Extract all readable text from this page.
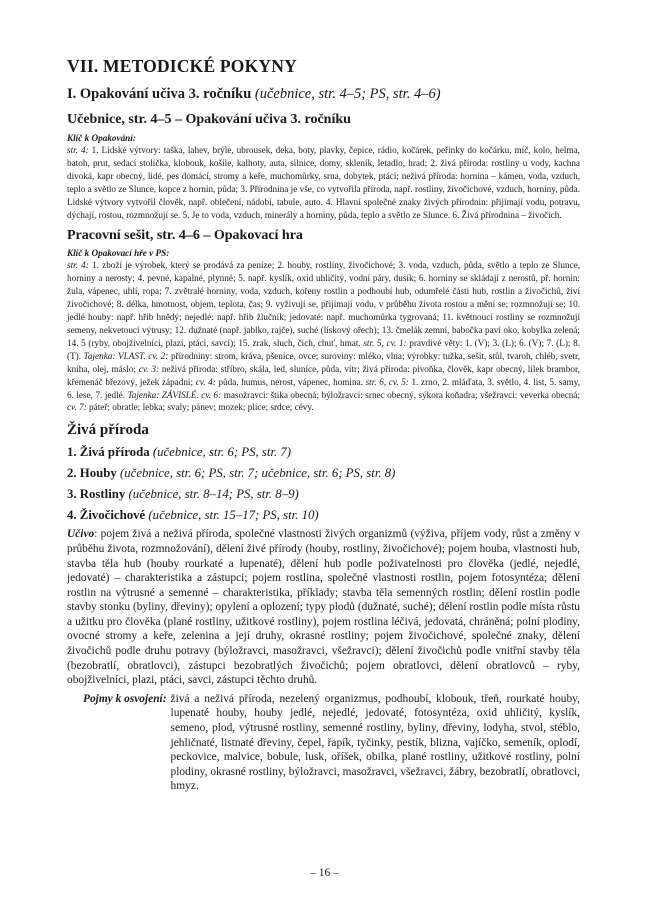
VII. METODICKÉ POKYNY
I. Opakování učiva 3. ročníku (učebnice, str. 4–5; PS, str. 4–6)
Učebnice, str. 4–5 – Opakování učiva 3. ročníku

Klíč k Opakování:

str. 4: 1. Lidské výtvory: taška, lahev, brýle, ubrousek, deka, boty, plavky, čepice, rádio, kočárek, peřinky do kočárku, míč, kolo, helma, batoh, prut, sedací stolička, klobouk, košile, kalhoty, auta, silnice, domy, skleník, letadlo, hrad; 2. živá příroda: rostliny u vody, kachna divoká, kapr obecný, lidé, pes domácí, stromy a keře, muchomůrky, srna, dobytek, ptáci; neživá příroda: hornina – kámen, voda, vzduch, teplo a světlo ze Slunce, kopce z hornin, půda; 3. Přírodnina je vše, co vytvořila příroda, např. rostliny, živočichové, vzduch, horniny, půda. Lidské výtvory vytvořil člověk, např. oblečení, nádobí, tabule, auto. 4. Hlavní společné znaky živých přírodnin: přijímají vodu, potravu, dýchají, rostou, rozmnožují se. 5. Je to voda, vzduch, minerály a horniny, půda, teplo a světlo ze Slunce. 6. Živá přírodnina – živočich.

Pracovní sešit, str. 4–6 – Opakovací hra

Klíč k Opakovací hře v PS:

str. 4: 1. zboží je výrobek, který se prodává za peníze; 2. houby, rostliny, živočichové; 3. voda, vzduch, půda, světlo a teplo ze Slunce, horniny a nerosty; 4. pevné, kapalné, plynné; 5. např. kyslík, oxid uhličitý, vodní páry, dusík; 6. horniny se skládají z nerostů, př. hornin: žula, vápenec, uhlí, ropa; 7. zvětralé horniny, voda, vzduch, kořeny rostlin a podhoubí hub, odumřelé části hub, rostlin a živočichů, živí živočichové; 8. délka, hmotnost, objem, teplota, čas; 9. vyživují se, přijímají vodu, v průběhu života rostou a mění se; rozmnožují se; 10. jedlé houby: např. hřib hnědý; nejedlé: např. hřib žlučník; jedovaté: např. muchomůrka tygrovaná; 11. květnoucí rostliny se rozmnožují semeny, nekvetoucí výtrusy; 12. dužnaté (např. jablko, rajče), suché (lískový ořech); 13. čmelák zemní, babočka paví oko, kobylka zelená; 14. 5 (ryby, obojživelníci, plazi, ptáci, savci); 15. zrak, sluch, čich, chuť, hmat. str. 5, cv. 1: pravdivé věty: 1. (V); 3. (L); 6. (V); 7. (L); 8. (T). Tajenka: VLAST. cv. 2: přírodniny: strom, kráva, pšenice, ovce; suroviny: mléko, vlna; výrobky: tužka, sešit, stůl, tvaroh, chléb, svetr, kniha, olej, máslo; cv. 3: neživá příroda: stříbro, skála, led, sluníce, půda, vítr; živá příroda: pivoňka, člověk, kapr obecný, lilek brambor, křemenáč březový, ježek západní; cv. 4: půda, humus, nerost, vápenec, homina. str. 6, cv. 5: 1. zrno, 2. mláďata, 3. světlo, 4. list, 5. samy, 6. lese, 7. jedlé. Tajenka: ZÁVISLÉ. cv. 6: masožravci: štika obecná; býložravci: srnec obecný, sýkora koňadra; všežravci: veverka obecná; cv. 7: páteř; obratle; lebka; svaly; pánev; mozek; plíce; srdce; cévy.

Živá příroda
1. Živá příroda (učebnice, str. 6; PS, str. 7)
2. Houby (učebnice, str. 6; PS, str. 7; učebnice, str. 6; PS, str. 8)
3. Rostliny (učebnice, str. 8–14; PS, str. 8–9)
4. Živočichové (učebnice, str. 15–17; PS, str. 10)

Učivo: pojem živá a neživá příroda, společné vlastnosti živých organizmů (výživa, příjem vody, růst a změny v průběhu života, rozmnožování), dělení živé přírody (houby, rostliny, živočichové); pojem houba, vlastnosti hub, stavba těla hub (houby rourkaté a lupenaté), dělení hub podle poživatelnosti pro člověka (jedlé, nejedlé, jedovaté) – charakteristika a zástupci; pojem rostlina, společné vlastnosti rostlin, pojem fotosyntéza; dělení rostlin na výtrusné a semenné – charakteristika, příklady; stavba těla semenných rostlin; dělení rostlin podle stavby stonku (byliny, dřeviny); opylení a oplození; typy plodů (dužnaté, suché); dělení rostlin podle místa růstu a užitku pro člověka (plané rostliny, užitkové rostliny), pojem rostlina léčivá, jedovatá, chráněná; polní plodiny, ovocné stromy a keře, zelenina a její druhy, okrasné rostliny; pojem živočichové, společné znaky, dělení živočichů podle druhu potravy (býložravci, masožravci, všežravci); dělení živočichů podle vnitřní stavby těla (bezobratlí, obratlovci), zástupci bezobratlých živočichů; pojem obratlovci, dělení obratlovců – ryby, obojživelníci, plazi, ptáci, savci, zástupci těchto druhů.

Pojmy k osvojení: živá a neživá příroda, nezelený organizmus, podhoubí, klobouk, třeň, rourkaté houby, lupenaté houby, houby jedlé, nejedlé, jedovaté, fotosyntéza, oxid uhličitý, kyslík, semeno, plod, výtrusné rostliny, semenné rostliny, byliny, dřeviny, lodyha, stvol, stéblo, jehličnaté, listnaté dřeviny, čepel, řapík, tyčinky, pestík, blizna, vajíčko, semeník, oplodí, peckovice, malvice, bobule, lusk, oříšek, obilka, plané rostliny, užitkové rostliny, polní plodiny, okrasné rostliny, býložravci, masožravci, všežravci, žábry, bezobratlí, obratlovci, hmyz.
– 16 –
